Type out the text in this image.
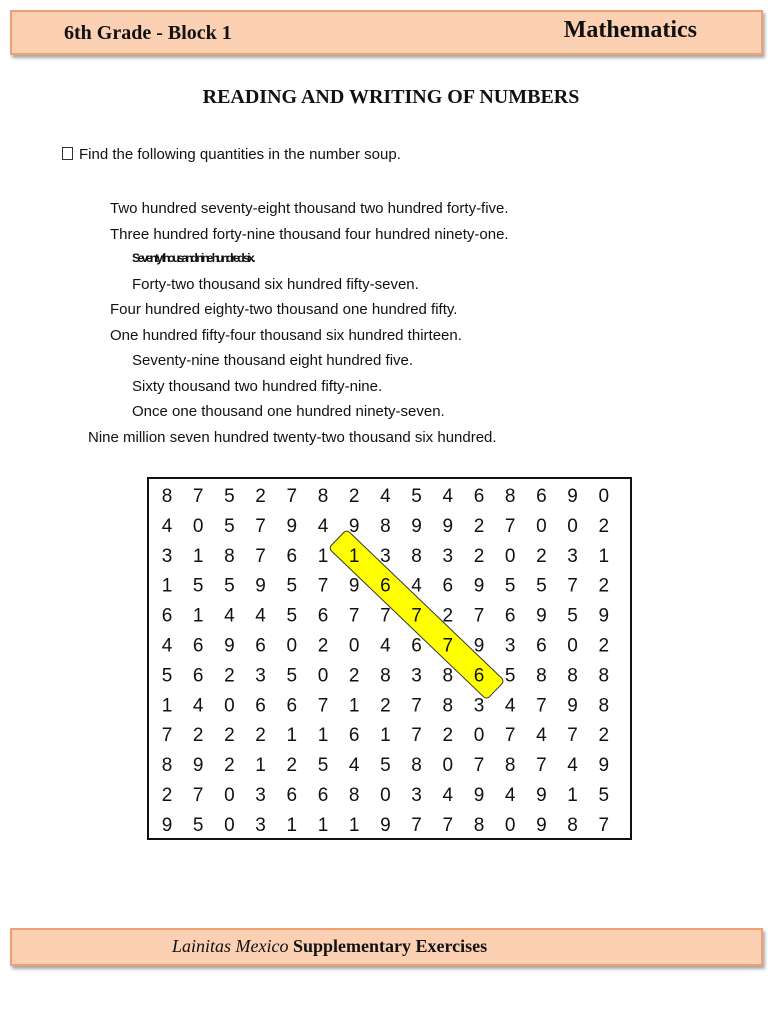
6th Grade - Block 1	Mathematics
READING AND WRITING OF NUMBERS
Find the following quantities in the number soup.
Two hundred seventy-eight thousand two hundred forty-five.
Three hundred forty-nine thousand four hundred ninety-one.
Seventy thousand nine hundred six.
Forty-two thousand six hundred fifty-seven.
Four hundred eighty-two thousand one hundred fifty.
One hundred fifty-four thousand six hundred thirteen.
Seventy-nine thousand eight hundred five.
Sixty thousand two hundred fifty-nine.
Once one thousand one hundred ninety-seven.
Nine million seven hundred twenty-two thousand six hundred.
8 7 5 2 7 8 2 4 5 4 6 8 6 9 0
4 0 5 7 9 4 9 8 9 9 2 7 0 0 2
3 1 8 7 6 1 1 3 8 3 2 0 2 3 1
1 5 5 9 5 7 9 6 4 6 9 5 5 7 2
6 1 4 4 5 6 7 7 7 2 7 6 9 5 9
4 6 9 6 0 2 0 4 6 7 9 3 6 0 2
5 6 2 3 5 0 2 8 3 8 6 5 8 8 8
1 4 0 6 6 7 1 2 7 8 3 4 7 9 8
7 2 2 2 1 1 6 1 7 2 0 7 4 7 2
8 9 2 1 2 5 4 5 8 0 7 8 7 4 9
2 7 0 3 6 6 8 0 3 4 9 4 9 1 5
9 5 0 3 1 1 1 9 7 7 8 0 9 8 7
Lainitas Mexico Supplementary Exercises
